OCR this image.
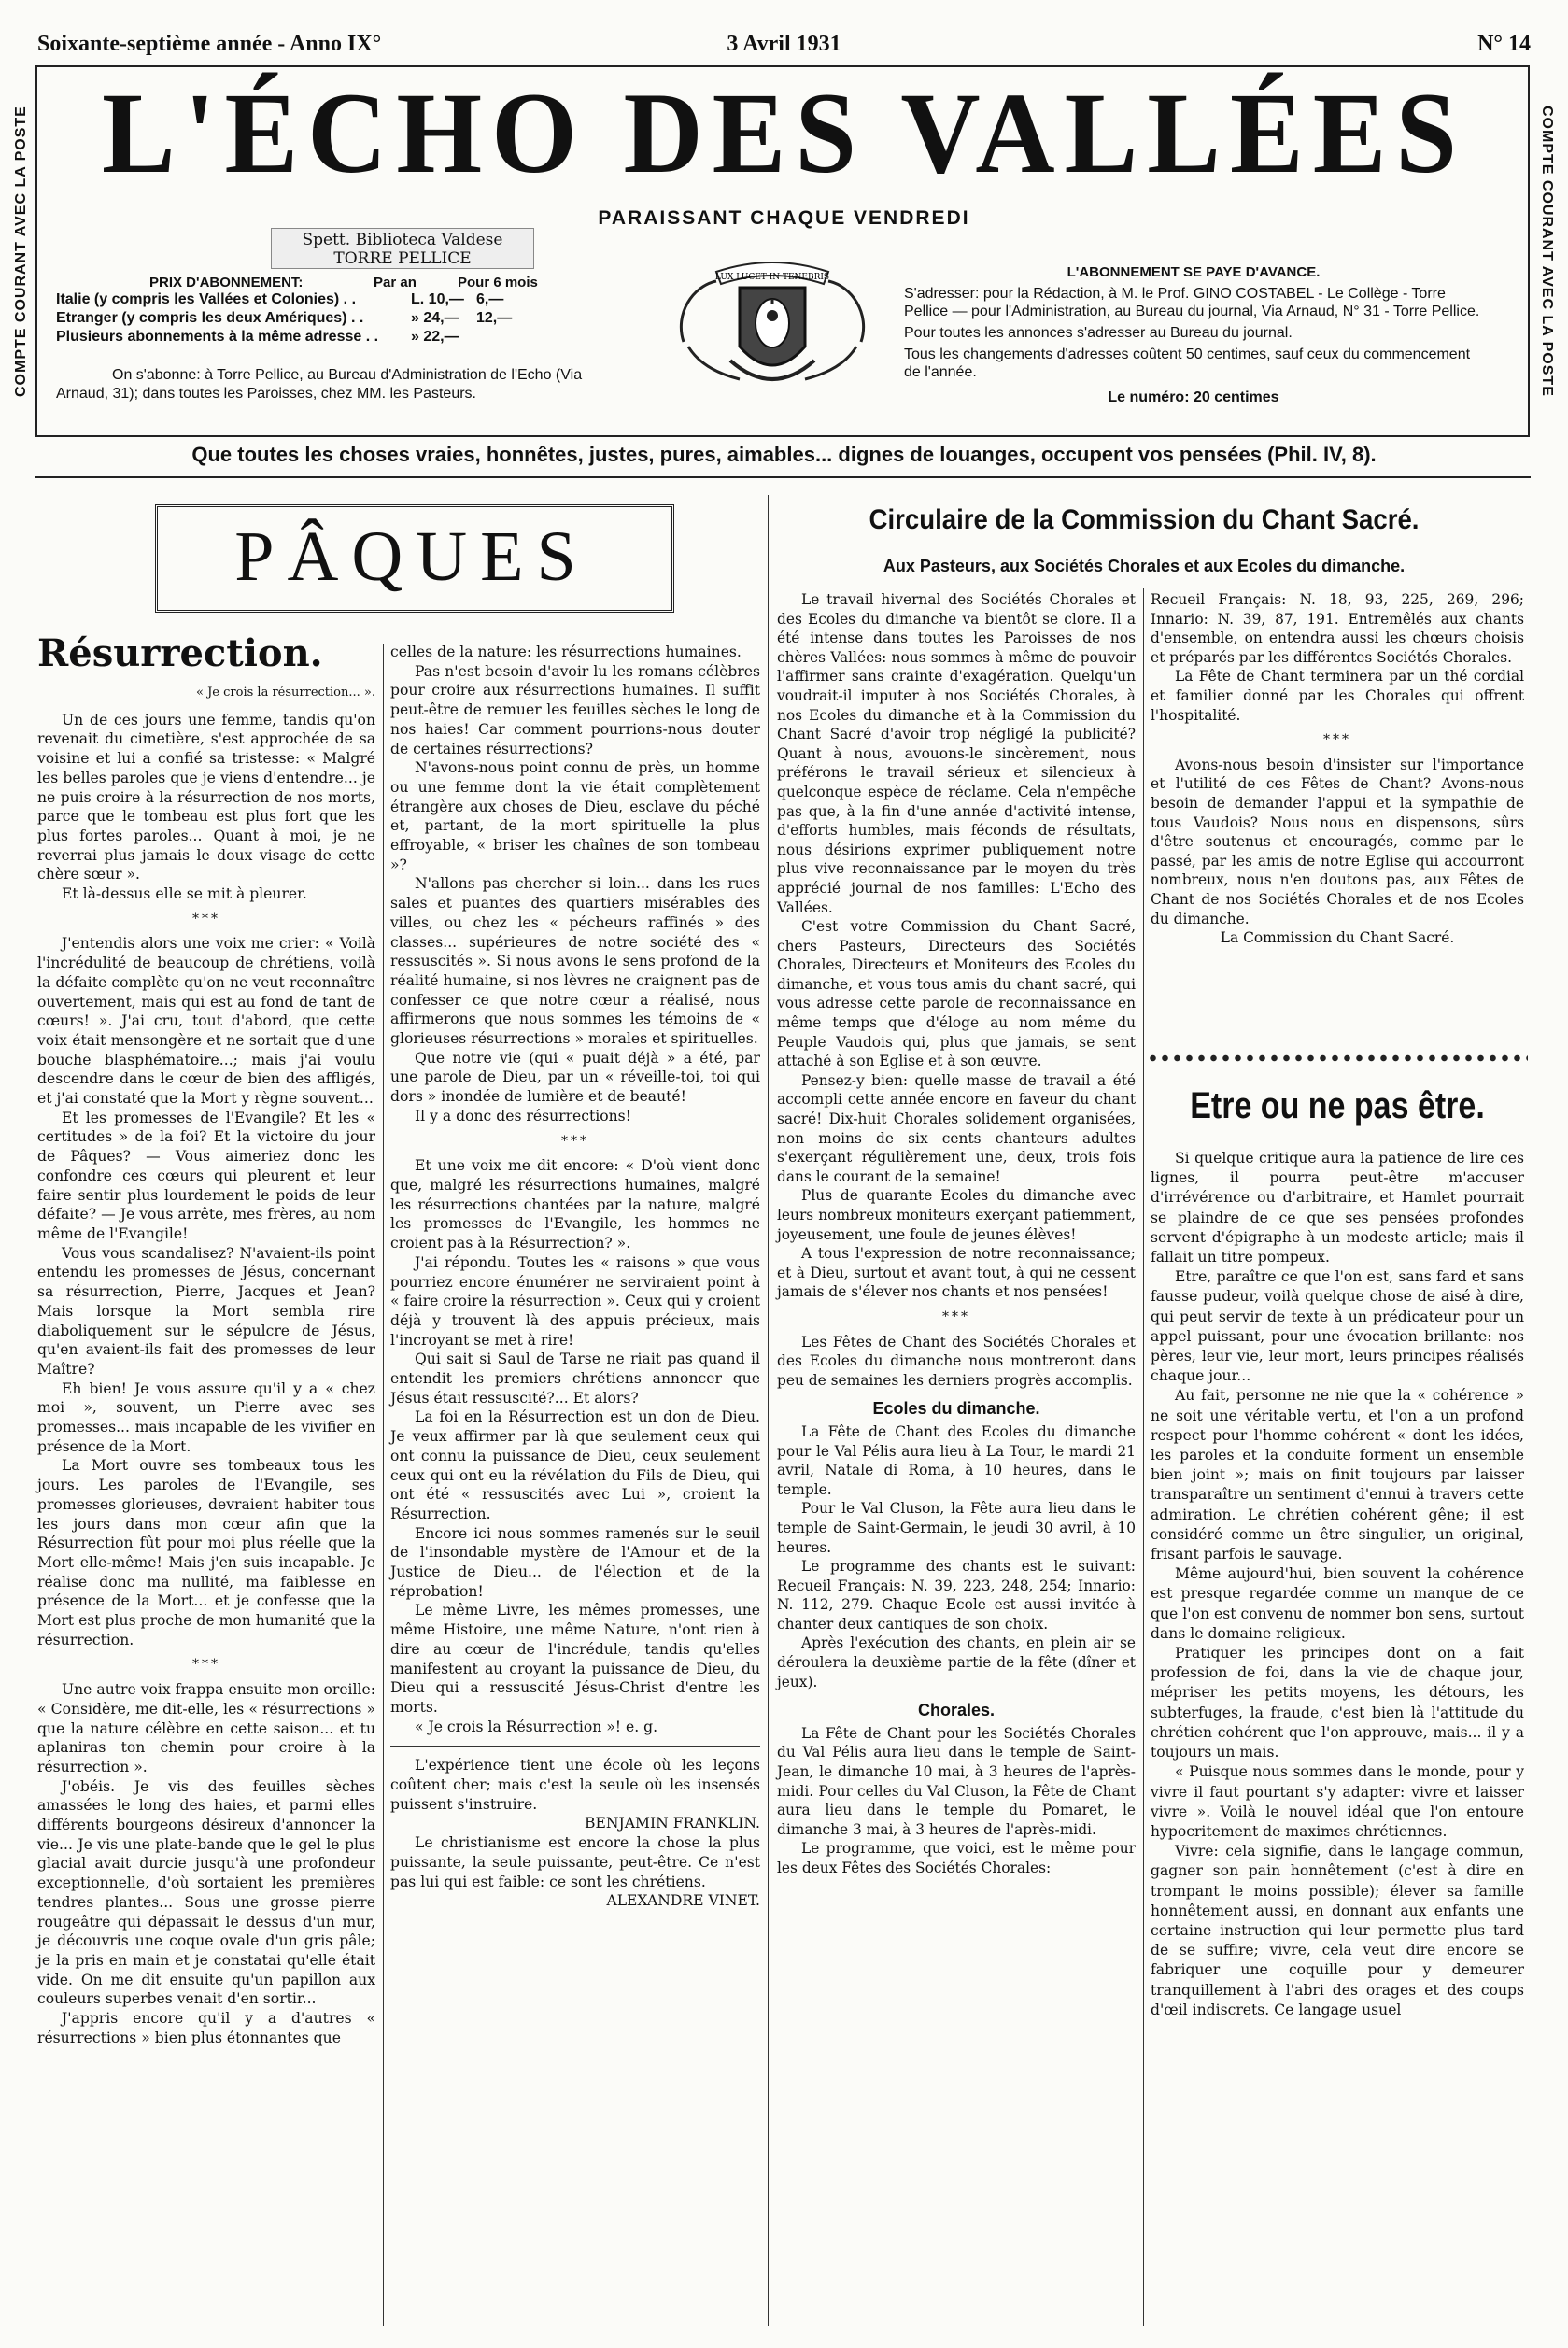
Soixante-septième année - Anno IX°	3 Avril 1931	N° 14
COMPTE COURANT AVEC LA POSTE	COMPTE COURANT AVEC LA POSTE
L'ÉCHO DES VALLÉES
PARAISSANT CHAQUE VENDREDI
Spett. Biblioteca Valdese
TORRE PELLICE
PRIX D'ABONNEMENT:	Par an	Pour 6 mois
Italie (y compris les Vallées et Colonies) . .	L. 10,— 6,—
Etranger (y compris les deux Amériques) . .	» 24,—	12,—
Plusieurs abonnements à la même adresse . .	» 22,—
On s'abonne: à Torre Pellice, au Bureau d'Administration de l'Echo (Via Arnaud, 31); dans toutes les Paroisses, chez MM. les Pasteurs.
LUX LUCET IN TENEBRIS	L'ABONNEMENT SE PAYE D'AVANCE.

S'adresser: pour la Rédaction, à M. le Prof. GINO COSTABEL - Le Collège - Torre Pellice — pour l'Administration, au Bureau du journal, Via Arnaud, N° 31 - Torre Pellice.

Pour toutes les annonces s'adresser au Bureau du journal.

Tous les changements d'adresses coûtent 50 centimes, sauf ceux du commencement de l'année.

Le numéro: 20 centimes
Que toutes les choses vraies, honnêtes, justes, pures, aimables... dignes de louanges, occupent vos pensées (Phil. IV, 8).
PÂQUES
Résurrection.

« Je crois la résurrection... ».

Un de ces jours une femme, tandis qu'on revenait du cimetière, s'est approchée de sa voisine et lui a confié sa tristesse: « Malgré les belles paroles que je viens d'entendre... je ne puis croire à la résurrection de nos morts, parce que le tombeau est plus fort que les plus fortes paroles... Quant à moi, je ne reverrai plus jamais le doux visage de cette chère sœur ».

Et là-dessus elle se mit à pleurer.

***

J'entendis alors une voix me crier: « Voilà l'incrédulité de beaucoup de chrétiens, voilà la défaite complète qu'on ne veut reconnaître ouvertement, mais qui est au fond de tant de cœurs! ». J'ai cru, tout d'abord, que cette voix était mensongère et ne sortait que d'une bouche blasphématoire...; mais j'ai voulu descendre dans le cœur de bien des affligés, et j'ai constaté que la Mort y règne souvent...

Et les promesses de l'Evangile? Et les « certitudes » de la foi? Et la victoire du jour de Pâques? — Vous aimeriez donc les confondre ces cœurs qui pleurent et leur faire sentir plus lourdement le poids de leur défaite? — Je vous arrête, mes frères, au nom même de l'Evangile!

Vous vous scandalisez? N'avaient-ils point entendu les promesses de Jésus, concernant sa résurrection, Pierre, Jacques et Jean? Mais lorsque la Mort sembla rire diaboliquement sur le sépulcre de Jésus, qu'en avaient-ils fait des promesses de leur Maître?

Eh bien! Je vous assure qu'il y a « chez moi », souvent, un Pierre avec ses promesses... mais incapable de les vivifier en présence de la Mort.

La Mort ouvre ses tombeaux tous les jours. Les paroles de l'Evangile, ses promesses glorieuses, devraient habiter tous les jours dans mon cœur afin que la Résurrection fût pour moi plus réelle que la Mort elle-même! Mais j'en suis incapable. Je réalise donc ma nullité, ma faiblesse en présence de la Mort... et je confesse que la Mort est plus proche de mon humanité que la résurrection.

***

Une autre voix frappa ensuite mon oreille: « Considère, me dit-elle, les « résurrections » que la nature célèbre en cette saison... et tu aplaniras ton chemin pour croire à la résurrection ».

J'obéis. Je vis des feuilles sèches amassées le long des haies, et parmi elles différents bourgeons désireux d'annoncer la vie... Je vis une plate-bande que le gel le plus glacial avait durcie jusqu'à une profondeur exceptionnelle, d'où sortaient les premières tendres plantes... Sous une grosse pierre rougeâtre qui dépassait le dessus d'un mur, je découvris une coque ovale d'un gris pâle; je la pris en main et je constatai qu'elle était vide. On me dit ensuite qu'un papillon aux couleurs superbes venait d'en sortir...

J'appris encore qu'il y a d'autres « résurrections » bien plus étonnantes que

celles de la nature: les résurrections humaines.

Pas n'est besoin d'avoir lu les romans célèbres pour croire aux résurrections humaines. Il suffit peut-être de remuer les feuilles sèches le long de nos haies! Car comment pourrions-nous douter de certaines résurrections?

N'avons-nous point connu de près, un homme ou une femme dont la vie était complètement étrangère aux choses de Dieu, esclave du péché et, partant, de la mort spirituelle la plus effroyable, « briser les chaînes de son tombeau »?

N'allons pas chercher si loin... dans les rues sales et puantes des quartiers misérables des villes, ou chez les « pécheurs raffinés » des classes... supérieures de notre société des « ressuscités ». Si nous avons le sens profond de la réalité humaine, si nos lèvres ne craignent pas de confesser ce que notre cœur a réalisé, nous affirmerons que nous sommes les témoins de « glorieuses résurrections » morales et spirituelles.

Que notre vie (qui « puait déjà » a été, par une parole de Dieu, par un « réveille-toi, toi qui dors » inondée de lumière et de beauté!

Il y a donc des résurrections!

***

Et une voix me dit encore: « D'où vient donc que, malgré les résurrections humaines, malgré les résurrections chantées par la nature, malgré les promesses de l'Evangile, les hommes ne croient pas à la Résurrection? ».

J'ai répondu. Toutes les « raisons » que vous pourriez encore énumérer ne serviraient point à « faire croire la résurrection ». Ceux qui y croient déjà y trouvent là des appuis précieux, mais l'incroyant se met à rire!

Qui sait si Saul de Tarse ne riait pas quand il entendit les premiers chrétiens annoncer que Jésus était ressuscité?... Et alors?

La foi en la Résurrection est un don de Dieu. Je veux affirmer par là que seulement ceux qui ont connu la puissance de Dieu, ceux seulement ceux qui ont eu la révélation du Fils de Dieu, qui ont été « ressuscités avec Lui », croient la Résurrection.

Encore ici nous sommes ramenés sur le seuil de l'insondable mystère de l'Amour et de la Justice de Dieu... de l'élection et de la réprobation!

Le même Livre, les mêmes promesses, une même Histoire, une même Nature, n'ont rien à dire au cœur de l'incrédule, tandis qu'elles manifestent au croyant la puissance de Dieu, du Dieu qui a ressuscité Jésus-Christ d'entre les morts.

« Je crois la Résurrection »! e. g.

L'expérience tient une école où les leçons coûtent cher; mais c'est la seule où les insensés puissent s'instruire.

BENJAMIN FRANKLIN.

Le christianisme est encore la chose la plus puissante, la seule puissante, peut-être. Ce n'est pas lui qui est faible: ce sont les chrétiens.

ALEXANDRE VINET.

Circulaire de la Commission du Chant Sacré.
Aux Pasteurs, aux Sociétés Chorales et aux Ecoles du dimanche.

Le travail hivernal des Sociétés Chorales et des Ecoles du dimanche va bientôt se clore. Il a été intense dans toutes les Paroisses de nos chères Vallées: nous sommes à même de pouvoir l'affirmer sans crainte d'exagération. Quelqu'un voudrait-il imputer à nos Sociétés Chorales, à nos Ecoles du dimanche et à la Commission du Chant Sacré d'avoir trop négligé la publicité? Quant à nous, avouons-le sincèrement, nous préférons le travail sérieux et silencieux à quelconque espèce de réclame. Cela n'empêche pas que, à la fin d'une année d'activité intense, d'efforts humbles, mais féconds de résultats, nous désirions exprimer publiquement notre plus vive reconnaissance par le moyen du très apprécié journal de nos familles: L'Echo des Vallées.

C'est votre Commission du Chant Sacré, chers Pasteurs, Directeurs des Sociétés Chorales, Directeurs et Moniteurs des Ecoles du dimanche, et vous tous amis du chant sacré, qui vous adresse cette parole de reconnaissance en même temps que d'éloge au nom même du Peuple Vaudois qui, plus que jamais, se sent attaché à son Eglise et à son œuvre.

Pensez-y bien: quelle masse de travail a été accompli cette année encore en faveur du chant sacré! Dix-huit Chorales solidement organisées, non moins de six cents chanteurs adultes s'exerçant régulièrement une, deux, trois fois dans le courant de la semaine!

Plus de quarante Ecoles du dimanche avec leurs nombreux moniteurs exerçant patiemment, joyeusement, une foule de jeunes élèves!

A tous l'expression de notre reconnaissance; et à Dieu, surtout et avant tout, à qui ne cessent jamais de s'élever nos chants et nos pensées!

***

Les Fêtes de Chant des Sociétés Chorales et des Ecoles du dimanche nous montreront dans peu de semaines les derniers progrès accomplis.

Ecoles du dimanche.

La Fête de Chant des Ecoles du dimanche pour le Val Pélis aura lieu à La Tour, le mardi 21 avril, Natale di Roma, à 10 heures, dans le temple.

Pour le Val Cluson, la Fête aura lieu dans le temple de Saint-Germain, le jeudi 30 avril, à 10 heures.

Le programme des chants est le suivant: Recueil Français: N. 39, 223, 248, 254; Innario: N. 112, 279. Chaque Ecole est aussi invitée à chanter deux cantiques de son choix.

Après l'exécution des chants, en plein air se déroulera la deuxième partie de la fête (dîner et jeux).

Chorales.

La Fête de Chant pour les Sociétés Chorales du Val Pélis aura lieu dans le temple de Saint-Jean, le dimanche 10 mai, à 3 heures de l'après-midi. Pour celles du Val Cluson, la Fête de Chant aura lieu dans le temple du Pomaret, le dimanche 3 mai, à 3 heures de l'après-midi.

Le programme, que voici, est le même pour les deux Fêtes des Sociétés Chorales:

Recueil Français: N. 18, 93, 225, 269, 296; Innario: N. 39, 87, 191. Entremêlés aux chants d'ensemble, on entendra aussi les chœurs choisis et préparés par les différentes Sociétés Chorales.

La Fête de Chant terminera par un thé cordial et familier donné par les Chorales qui offrent l'hospitalité.

***

Avons-nous besoin d'insister sur l'importance et l'utilité de ces Fêtes de Chant? Avons-nous besoin de demander l'appui et la sympathie de tous Vaudois? Nous nous en dispensons, sûrs d'être soutenus et encouragés, comme par le passé, par les amis de notre Eglise qui accourront nombreux, nous n'en doutons pas, aux Fêtes de Chant de nos Sociétés Chorales et de nos Ecoles du dimanche.

La Commission du Chant Sacré.

Etre ou ne pas être.

Si quelque critique aura la patience de lire ces lignes, il pourra peut-être m'accuser d'irrévérence ou d'arbitraire, et Hamlet pourrait se plaindre de ce que ses pensées profondes servent d'épigraphe à un modeste article; mais il fallait un titre pompeux.

Etre, paraître ce que l'on est, sans fard et sans fausse pudeur, voilà quelque chose de aisé à dire, qui peut servir de texte à un prédicateur pour un appel puissant, pour une évocation brillante: nos pères, leur vie, leur mort, leurs principes réalisés chaque jour...

Au fait, personne ne nie que la « cohérence » ne soit une véritable vertu, et l'on a un profond respect pour l'homme cohérent « dont les idées, les paroles et la conduite forment un ensemble bien joint »; mais on finit toujours par laisser transparaître un sentiment d'ennui à travers cette admiration. Le chrétien cohérent gêne; il est considéré comme un être singulier, un original, frisant parfois le sauvage.

Même aujourd'hui, bien souvent la cohérence est presque regardée comme un manque de ce que l'on est convenu de nommer bon sens, surtout dans le domaine religieux.

Pratiquer les principes dont on a fait profession de foi, dans la vie de chaque jour, mépriser les petits moyens, les détours, les subterfuges, la fraude, c'est bien là l'attitude du chrétien cohérent que l'on approuve, mais... il y a toujours un mais.

« Puisque nous sommes dans le monde, pour y vivre il faut pourtant s'y adapter: vivre et laisser vivre ». Voilà le nouvel idéal que l'on entoure hypocritement de maximes chrétiennes.

Vivre: cela signifie, dans le langage commun, gagner son pain honnêtement (c'est à dire en trompant le moins possible); élever sa famille honnêtement aussi, en donnant aux enfants une certaine instruction qui leur permette plus tard de se suffire; vivre, cela veut dire encore se fabriquer une coquille pour y demeurer tranquillement à l'abri des orages et des coups d'œil indiscrets. Ce langage usuel
